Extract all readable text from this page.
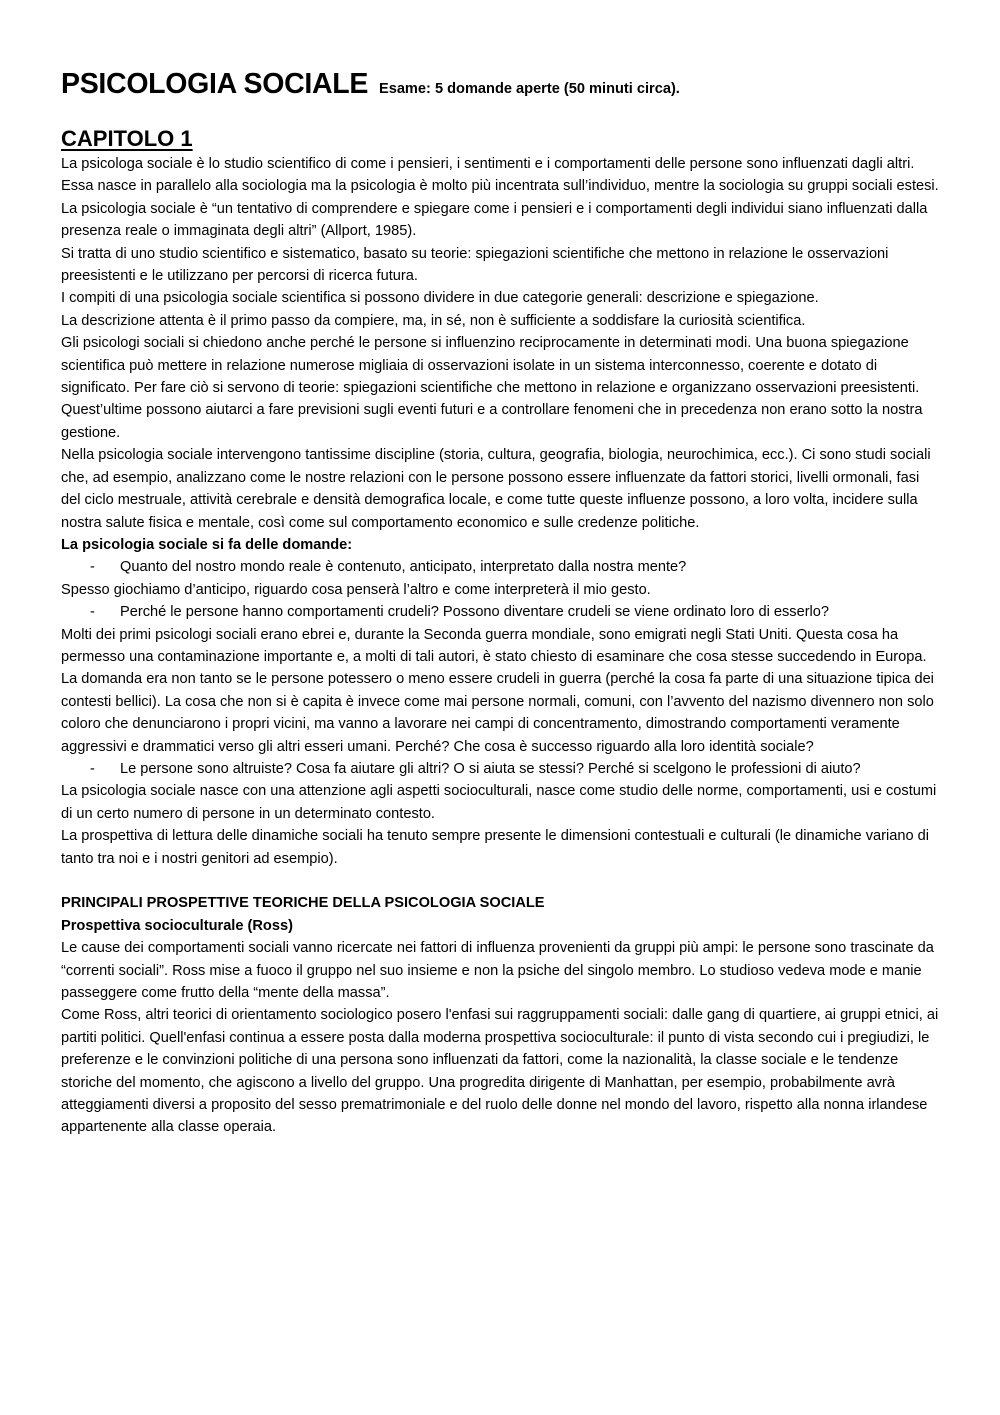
PSICOLOGIA SOCIALE Esame: 5 domande aperte (50 minuti circa).
CAPITOLO 1

La psicologa sociale è lo studio scientifico di come i pensieri, i sentimenti e i comportamenti delle persone sono influenzati dagli altri.

Essa nasce in parallelo alla sociologia ma la psicologia è molto più incentrata sull’individuo, mentre la sociologia su gruppi sociali estesi.

La psicologia sociale è “un tentativo di comprendere e spiegare come i pensieri e i comportamenti degli individui siano influenzati dalla presenza reale o immaginata degli altri” (Allport, 1985).

Si tratta di uno studio scientifico e sistematico, basato su teorie: spiegazioni scientifiche che mettono in relazione le osservazioni preesistenti e le utilizzano per percorsi di ricerca futura.

I compiti di una psicologia sociale scientifica si possono dividere in due categorie generali: descrizione e spiegazione.

La descrizione attenta è il primo passo da compiere, ma, in sé, non è sufficiente a soddisfare la curiosità scientifica.

Gli psicologi sociali si chiedono anche perché le persone si influenzino reciprocamente in determinati modi. Una buona spiegazione scientifica può mettere in relazione numerose migliaia di osservazioni isolate in un sistema interconnesso, coerente e dotato di significato. Per fare ciò si servono di teorie: spiegazioni scientifiche che mettono in relazione e organizzano osservazioni preesistenti.

Quest’ultime possono aiutarci a fare previsioni sugli eventi futuri e a controllare fenomeni che in precedenza non erano sotto la nostra gestione.

Nella psicologia sociale intervengono tantissime discipline (storia, cultura, geografia, biologia, neurochimica, ecc.). Ci sono studi sociali che, ad esempio, analizzano come le nostre relazioni con le persone possono essere influenzate da fattori storici, livelli ormonali, fasi del ciclo mestruale, attività cerebrale e densità demografica locale, e come tutte queste influenze possono, a loro volta, incidere sulla nostra salute fisica e mentale, così come sul comportamento economico e sulle credenze politiche.

La psicologia sociale si fa delle domande:

-	Quanto del nostro mondo reale è contenuto, anticipato, interpretato dalla nostra mente?

Spesso giochiamo d’anticipo, riguardo cosa penserà l’altro e come interpreterà il mio gesto.

-	Perché le persone hanno comportamenti crudeli? Possono diventare crudeli se viene ordinato loro di esserlo?

Molti dei primi psicologi sociali erano ebrei e, durante la Seconda guerra mondiale, sono emigrati negli Stati Uniti. Questa cosa ha permesso una contaminazione importante e, a molti di tali autori, è stato chiesto di esaminare che cosa stesse succedendo in Europa. La domanda era non tanto se le persone potessero o meno essere crudeli in guerra (perché la cosa fa parte di una situazione tipica dei contesti bellici). La cosa che non si è capita è invece come mai persone normali, comuni, con l’avvento del nazismo divennero non solo coloro che denunciarono i propri vicini, ma vanno a lavorare nei campi di concentramento, dimostrando comportamenti veramente aggressivi e drammatici verso gli altri esseri umani. Perché? Che cosa è successo riguardo alla loro identità sociale?

-	Le persone sono altruiste? Cosa fa aiutare gli altri? O si aiuta se stessi? Perché si scelgono le professioni di aiuto?

La psicologia sociale nasce con una attenzione agli aspetti socioculturali, nasce come studio delle norme, comportamenti, usi e costumi di un certo numero di persone in un determinato contesto.

La prospettiva di lettura delle dinamiche sociali ha tenuto sempre presente le dimensioni contestuali e culturali (le dinamiche variano di tanto tra noi e i nostri genitori ad esempio).

PRINCIPALI PROSPETTIVE TEORICHE DELLA PSICOLOGIA SOCIALE

Prospettiva socioculturale (Ross)

Le cause dei comportamenti sociali vanno ricercate nei fattori di influenza provenienti da gruppi più ampi: le persone sono trascinate da “correnti sociali”. Ross mise a fuoco il gruppo nel suo insieme e non la psiche del singolo membro. Lo studioso vedeva mode e manie passeggere come frutto della “mente della massa”.

Come Ross, altri teorici di orientamento sociologico posero l'enfasi sui raggruppamenti sociali: dalle gang di quartiere, ai gruppi etnici, ai partiti politici. Quell'enfasi continua a essere posta dalla moderna prospettiva socioculturale: il punto di vista secondo cui i pregiudizi, le preferenze e le convinzioni politiche di una persona sono influenzati da fattori, come la nazionalità, la classe sociale e le tendenze storiche del momento, che agiscono a livello del gruppo. Una progredita dirigente di Manhattan, per esempio, probabilmente avrà atteggiamenti diversi a proposito del sesso prematrimoniale e del ruolo delle donne nel mondo del lavoro, rispetto alla nonna irlandese appartenente alla classe operaia.
